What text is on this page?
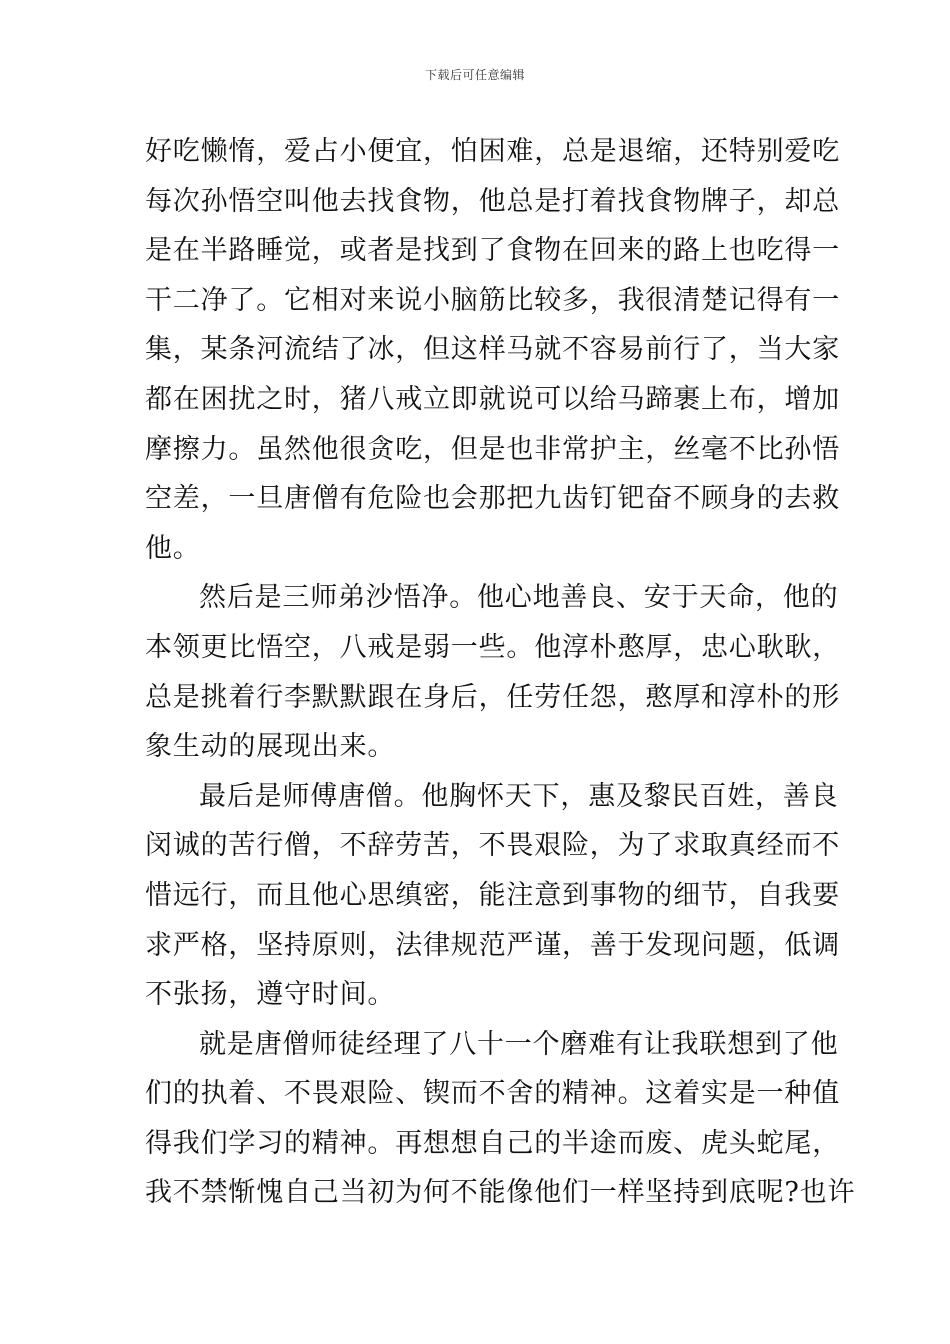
下载后可任意编辑
好吃懒惰，爱占小便宜，怕困难，总是退缩，还特别爱吃
每次孙悟空叫他去找食物，他总是打着找食物牌子，却总
是在半路睡觉，或者是找到了食物在回来的路上也吃得一
干二净了。它相对来说小脑筋比较多，我很清楚记得有一
集，某条河流结了冰，但这样马就不容易前行了，当大家
都在困扰之时，猪八戒立即就说可以给马蹄裹上布，增加
摩擦力。虽然他很贪吃，但是也非常护主，丝毫不比孙悟
空差，一旦唐僧有危险也会那把九齿钉钯奋不顾身的去救
他。
然后是三师弟沙悟净。他心地善良、安于天命，他的
本领更比悟空，八戒是弱一些。他淳朴憨厚，忠心耿耿，
总是挑着行李默默跟在身后，任劳任怨，憨厚和淳朴的形
象生动的展现出来。
最后是师傅唐僧。他胸怀天下，惠及黎民百姓，善良
闵诚的苦行僧，不辞劳苦，不畏艰险，为了求取真经而不
惜远行，而且他心思缜密，能注意到事物的细节，自我要
求严格，坚持原则，法律规范严谨，善于发现问题，低调
不张扬，遵守时间。
就是唐僧师徒经理了八十一个磨难有让我联想到了他
们的执着、不畏艰险、锲而不舍的精神。这着实是一种值
得我们学习的精神。再想想自己的半途而废、虎头蛇尾，
我不禁惭愧自己当初为何不能像他们一样坚持到底呢?也许
